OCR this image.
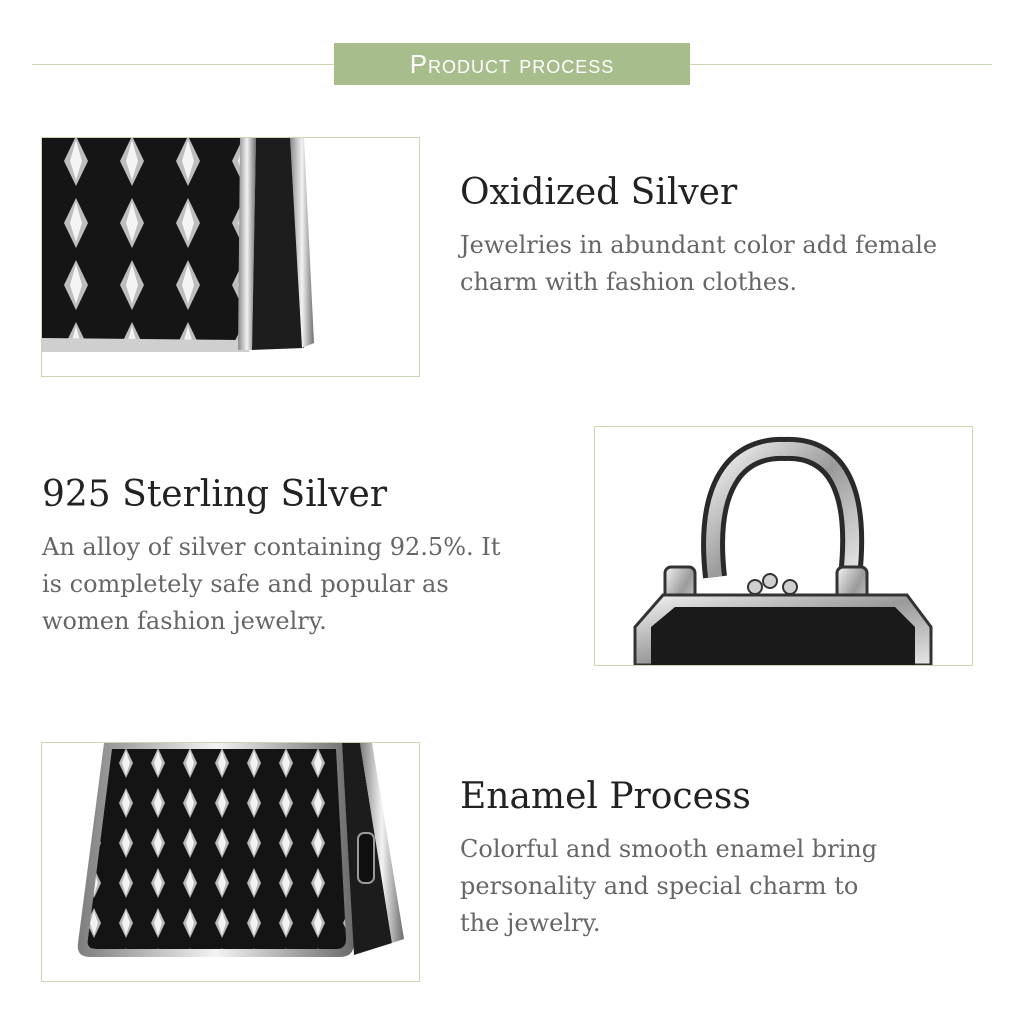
Product process
Oxidized Silver

Jewelries in abundant color add female
charm with fashion clothes.

925 Sterling Silver

An alloy of silver containing 92.5%. It
is completely safe and popular as
women fashion jewelry.

Enamel Process

Colorful and smooth enamel bring
personality and special charm to
the jewelry.
